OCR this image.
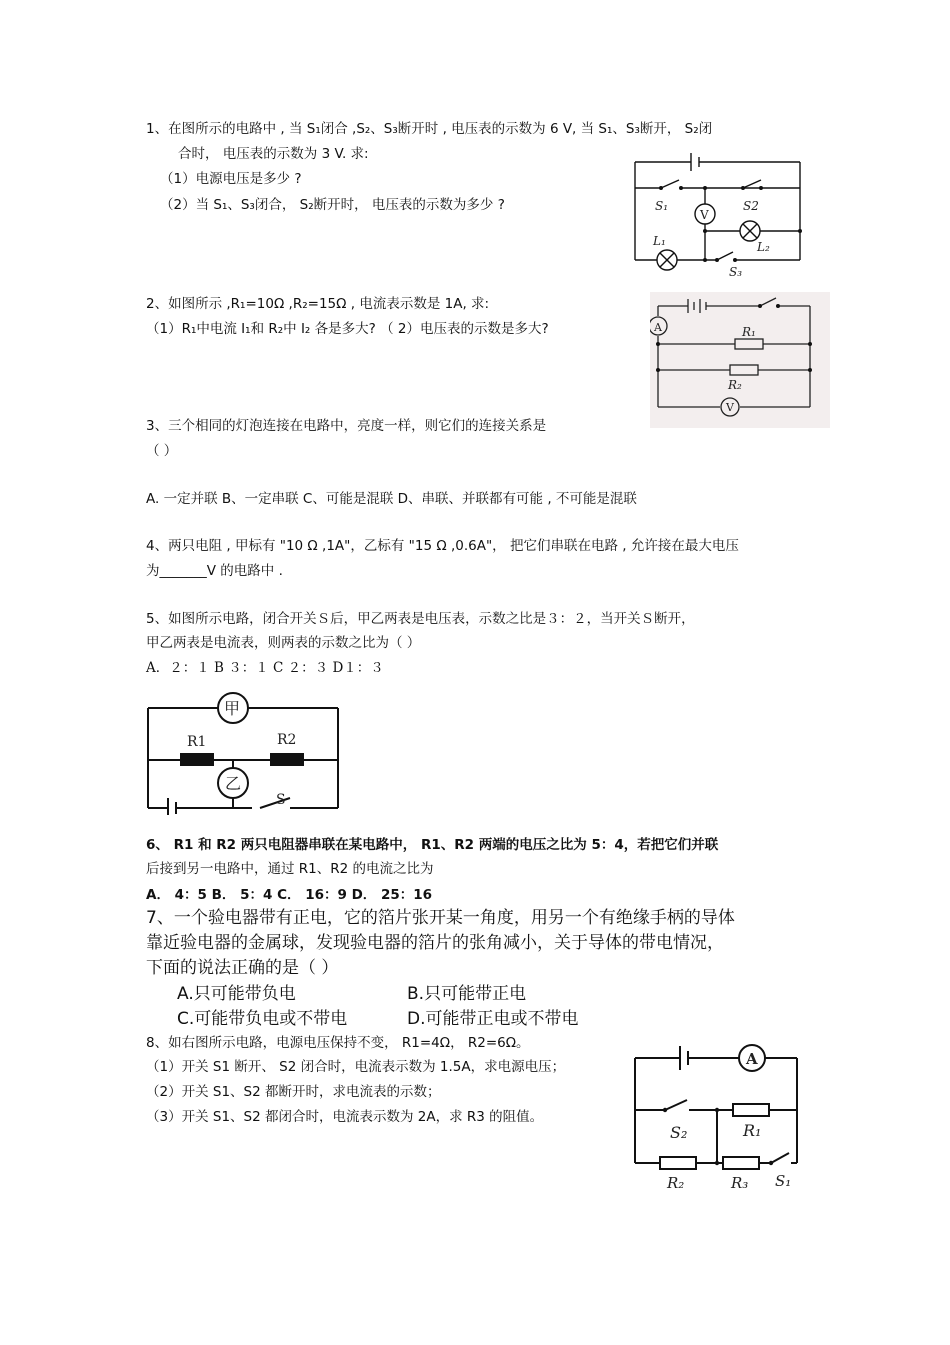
1、在图所示的电路中 , 当 S₁闭合 ,S₂、S₃断开时 , 电压表的示数为 6 V, 当 S₁、S₃断开， S₂闭
合时， 电压表的示数为 3 V. 求:
（1）电源电压是多少 ?
（2）当 S₁、S₃闭合， S₂断开时， 电压表的示数为多少 ?	S₁	S2
V
L₁	L₂
S₃
2、如图所示 ,R₁=10Ω ,R₂=15Ω , 电流表示数是 1A, 求:
（1）R₁中电流 I₁和 R₂中 I₂ 各是多大? （ 2）电压表的示数是多大?	A	R₁
R₂
V
3、三个相同的灯泡连接在电路中，亮度一样，则它们的连接关系是
（ ）
A. 一定并联 B、一定串联 C、可能是混联 D、串联、并联都有可能 , 不可能是混联
4、两只电阻 , 甲标有 "10 Ω ,1A"，乙标有 "15 Ω ,0.6A"， 把它们串联在电路 , 允许接在最大电压
为_______V 的电路中 .
5、如图所示电路，闭合开关Ｓ后，甲乙两表是电压表，示数之比是３：２，当开关Ｓ断开，
甲乙两表是电流表，则两表的示数之比为（ ）
A．２：１ B ３：１ C ２：３ D１：３
甲
乙
R1	R2
S
6、 R1 和 R2 两只电阻器串联在某电路中， R1、R2 两端的电压之比为 5：4，若把它们并联
后接到另一电路中，通过 R1、R2 的电流之比为
A． 4：5 B． 5：4 C． 16：9 D． 25：16
7、一个验电器带有正电，它的箔片张开某一角度，用另一个有绝缘手柄的导体
靠近验电器的金属球，发现验电器的箔片的张角减小，关于导体的带电情况，
下面的说法正确的是（ ）
A.只可能带负电	B.只可能带正电
C.可能带负电或不带电	D.可能带正电或不带电
8、如右图所示电路，电源电压保持不变， R1=4Ω， R2=6Ω。
（1）开关 S1 断开、 S2 闭合时，电流表示数为 1.5A，求电源电压；
（2）开关 S1、S2 都断开时，求电流表的示数；
（3）开关 S1、S2 都闭合时，电流表示数为 2A，求 R3 的阻值。
A
S₂	R₁
R₂	R₃ S₁
